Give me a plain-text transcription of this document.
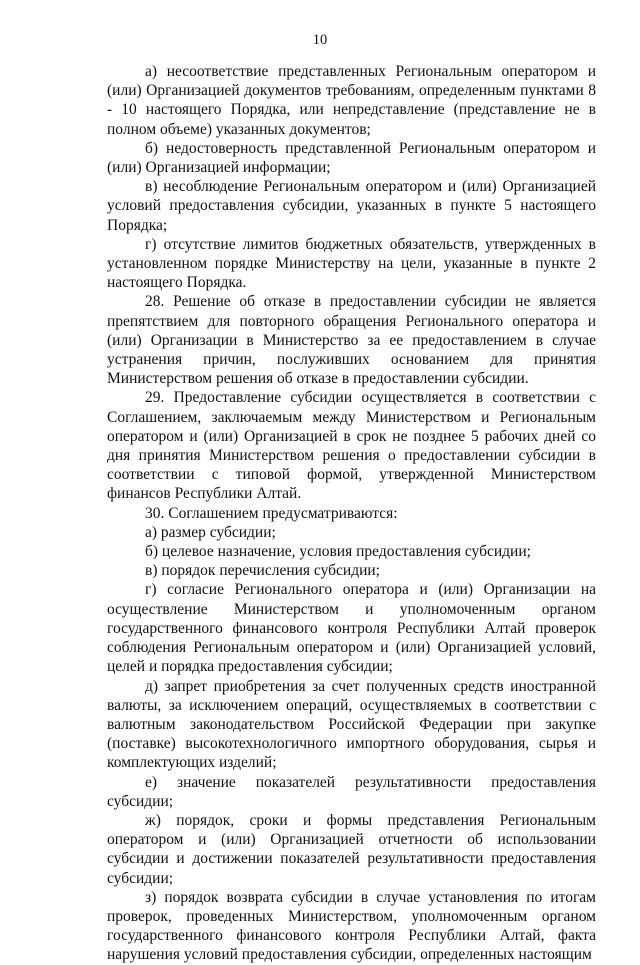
10

а) несоответствие представленных Региональным оператором и (или) Организацией документов требованиям, определенным пунктами 8 - 10 настоящего Порядка, или непредставление (представление не в полном объеме) указанных документов;

б) недостоверность представленной Региональным оператором и (или) Организацией информации;

в) несоблюдение Региональным оператором и (или) Организацией условий предоставления субсидии, указанных в пункте 5 настоящего Порядка;

г) отсутствие лимитов бюджетных обязательств, утвержденных в установленном порядке Министерству на цели, указанные в пункте 2 настоящего Порядка.

28. Решение об отказе в предоставлении субсидии не является препятствием для повторного обращения Регионального оператора и (или) Организации в Министерство за ее предоставлением в случае устранения причин, послуживших основанием для принятия Министерством решения об отказе в предоставлении субсидии.

29. Предоставление субсидии осуществляется в соответствии с Соглашением, заключаемым между Министерством и Региональным оператором и (или) Организацией в срок не позднее 5 рабочих дней со дня принятия Министерством решения о предоставлении субсидии в соответствии с типовой формой, утвержденной Министерством финансов Республики Алтай.

30. Соглашением предусматриваются:

а) размер субсидии;

б) целевое назначение, условия предоставления субсидии;

в) порядок перечисления субсидии;

г) согласие Регионального оператора и (или) Организации на осуществление Министерством и уполномоченным органом государственного финансового контроля Республики Алтай проверок соблюдения Региональным оператором и (или) Организацией условий, целей и порядка предоставления субсидии;

д) запрет приобретения за счет полученных средств иностранной валюты, за исключением операций, осуществляемых в соответствии с валютным законодательством Российской Федерации при закупке (поставке) высокотехнологичного импортного оборудования, сырья и комплектующих изделий;

е) значение показателей результативности предоставления субсидии;

ж) порядок, сроки и формы представления Региональным оператором и (или) Организацией отчетности об использовании субсидии и достижении показателей результативности предоставления субсидии;

з) порядок возврата субсидии в случае установления по итогам проверок, проведенных Министерством, уполномоченным органом государственного финансового контроля Республики Алтай, факта нарушения условий предоставления субсидии, определенных настоящим
